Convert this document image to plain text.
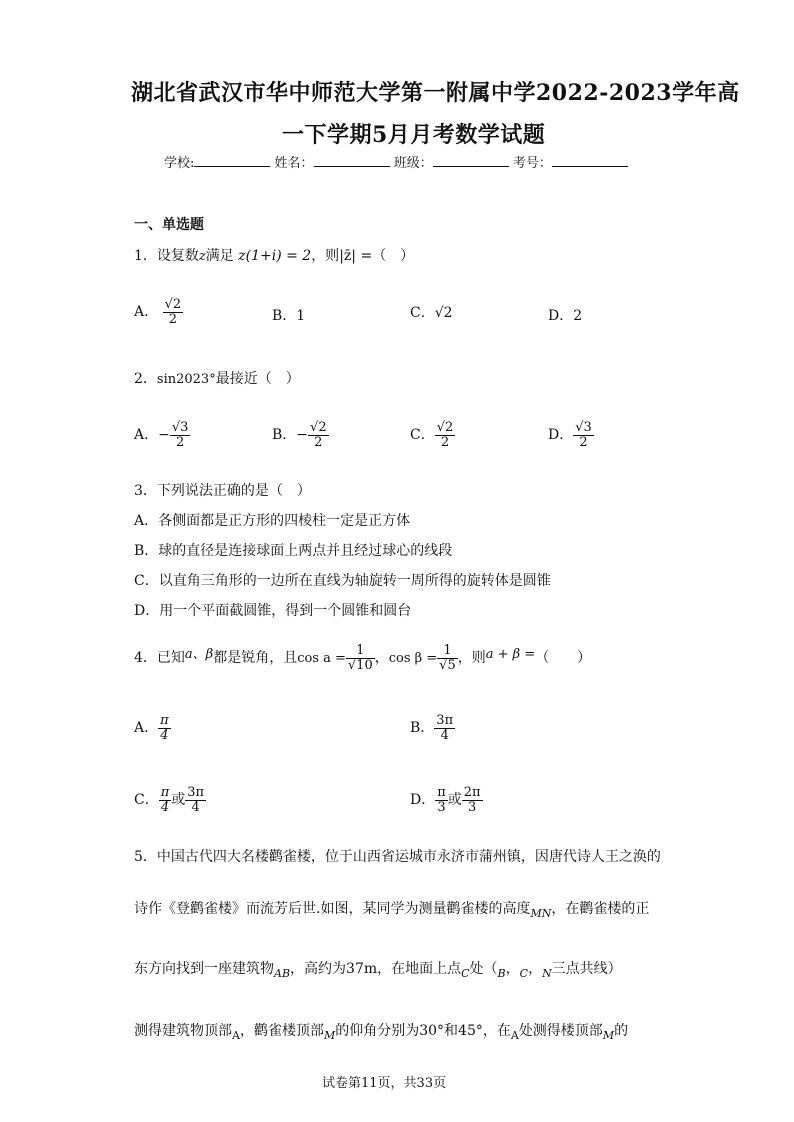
湖北省武汉市华中师范大学第一附属中学2022-2023学年高
一下学期5月月考数学试题
学校:	姓名：	班级：	考号：
一、单选题
1．设复数z满足 z(1+i) = 2，则|z̄| =（　）
A． $\frac{√2}{2}$	B．1	C．√2	D．2
2．sin2023°最接近（　）
A．− $\frac{√3}{2}$	B．− $\frac{√2}{2}$	C． $\frac{√2}{2}$	D． $\frac{√3}{2}$
3．下列说法正确的是（　）
A．各侧面都是正方形的四棱柱一定是正方体
B．球的直径是连接球面上两点并且经过球心的线段
C．以直角三角形的一边所在直线为轴旋转一周所得的旋转体是圆锥
D．用一个平面截圆锥，得到一个圆锥和圆台
4．已知a、β都是锐角，且$\cos a = \frac{1}{√10}$ ，$\cos \beta = \frac{1}{√5}$ ，则a + β =（　　）
A． $\frac{\pi}{4}$	B． $\frac{3\pi}{4}$
C． $\frac{\pi}{4}$ 或 $\frac{3\pi}{4}$	D． $\frac{\pi}{3}$ 或 $\frac{2\pi}{3}$
5．中国古代四大名楼鹳雀楼，位于山西省运城市永济市蒲州镇，因唐代诗人王之涣的
诗作《登鹳雀楼》而流芳后世.如图，某同学为测量鹳雀楼的高度$_{MN}$，在鹳雀楼的正
东方向找到一座建筑物$_{AB}$，高约为37m，在地面上点$_C$处（$_B$，$_C$，$_N$三点共线）
测得建筑物顶部$_A$，鹳雀楼顶部$_M$的仰角分别为30°和45°，在$_A$处测得楼顶部$_M$的
试卷第11页，共33页
